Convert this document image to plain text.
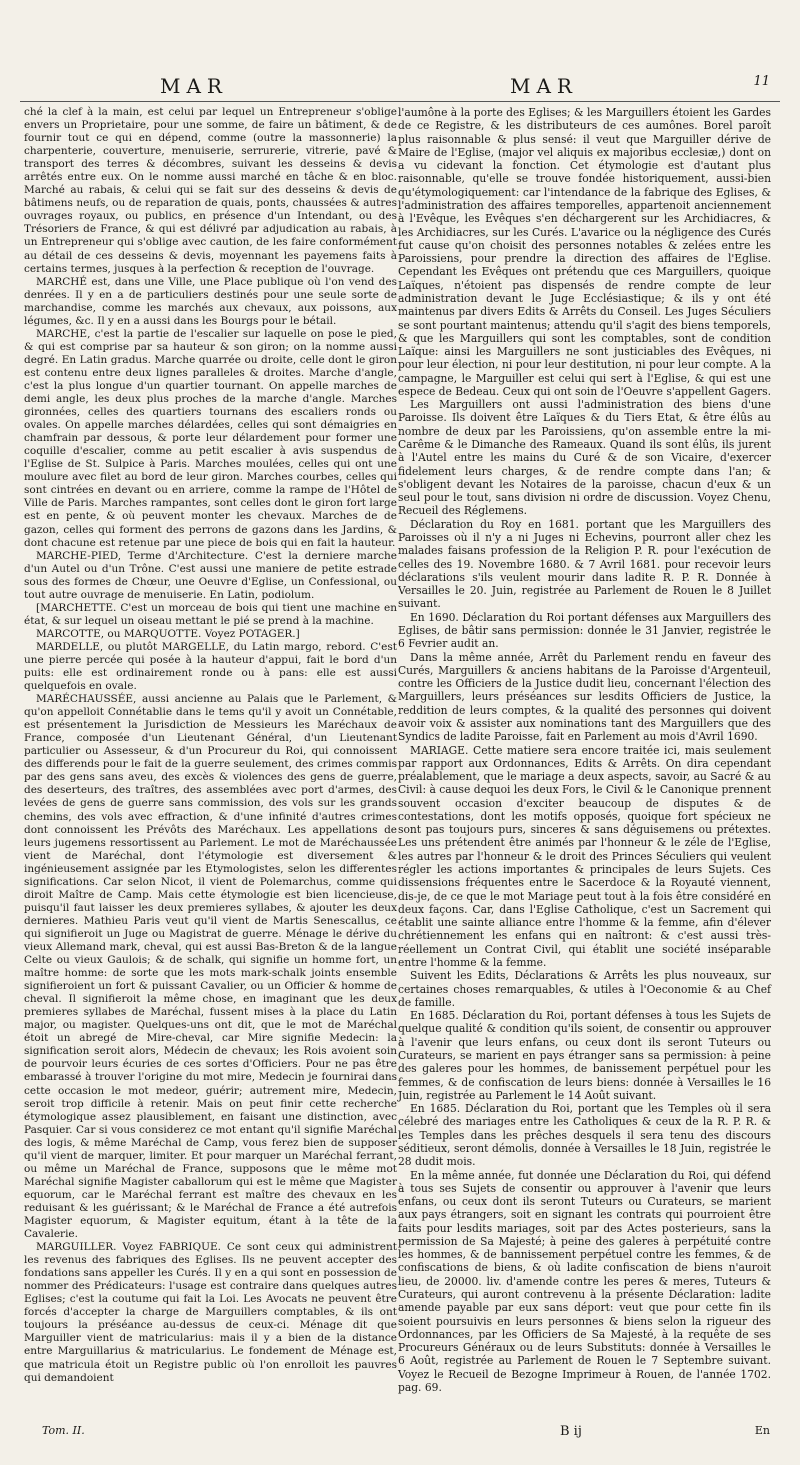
MAR	MAR	11

ché la clef à la main, est celui par lequel un Entrepreneur s'oblige envers un Proprietaire, pour une somme, de faire un bâtiment, & de fournir tout ce qui en dépend, comme (outre la massonnerie) la charpenterie, couverture, menuiserie, serrurerie, vitrerie, pavé & transport des terres & décombres, suivant les desseins & devis arrêtés entre eux. On le nomme aussi marché en tâche & en bloc. Marché au rabais, & celui qui se fait sur des desseins & devis de bâtimens neufs, ou de reparation de quais, ponts, chaussées & autres ouvrages royaux, ou publics, en présence d'un Intendant, ou des Trésoriers de France, & qui est délivré par adjudication au rabais, à un Entrepreneur qui s'oblige avec caution, de les faire conformément au détail de ces desseins & devis, moyennant les payemens faits à certains termes, jusques à la perfection & reception de l'ouvrage.

MARCHÉ est, dans une Ville, une Place publique où l'on vend des denrées. Il y en a de particuliers destinés pour une seule sorte de marchandise, comme les marchés aux chevaux, aux poissons, aux légumes, &c. Il y en a aussi dans les Bourgs pour le bétail.

MARCHE, c'est la partie de l'escalier sur laquelle on pose le pied, & qui est comprise par sa hauteur & son giron; on la nomme aussi degré. En Latin gradus. Marche quarrée ou droite, celle dont le giron est contenu entre deux lignes paralleles & droites. Marche d'angle, c'est la plus longue d'un quartier tournant. On appelle marches de demi angle, les deux plus proches de la marche d'angle. Marches gironnées, celles des quartiers tournans des escaliers ronds ou ovales. On appelle marches délardées, celles qui sont démaigries en chamfrain par dessous, & porte leur délardement pour former une coquille d'escalier, comme au petit escalier à avis suspendus de l'Eglise de St. Sulpice à Paris. Marches moulées, celles qui ont une moulure avec filet au bord de leur giron. Marches courbes, celles qui sont cintrées en devant ou en arriere, comme la rampe de l'Hôtel de Ville de Paris. Marches rampantes, sont celles dont le giron fort large est en pente, & où peuvent monter les chevaux. Marches de de gazon, celles qui forment des perrons de gazons dans les Jardins, & dont chacune est retenue par une piece de bois qui en fait la hauteur.

MARCHE-PIED, Terme d'Architecture. C'est la derniere marche d'un Autel ou d'un Trône. C'est aussi une maniere de petite estrade sous des formes de Chœur, une Oeuvre d'Eglise, un Confessional, ou tout autre ouvrage de menuiserie. En Latin, podiolum.

[MARCHETTE. C'est un morceau de bois qui tient une machine en état, & sur lequel un oiseau mettant le pié se prend à la machine.

MARCOTTE, ou MARQUOTTE. Voyez POTAGER.]

MARDELLE, ou plutôt MARGELLE, du Latin margo, rebord. C'est une pierre percée qui posée à la hauteur d'appui, fait le bord d'un puits: elle est ordinairement ronde ou à pans: elle est aussi quelquefois en ovale.

MARÉCHAUSSÉE, aussi ancienne au Palais que le Parlement, & qu'on appelloit Connétablie dans le tems qu'il y avoit un Connétable, est présentement la Jurisdiction de Messieurs les Maréchaux de France, composée d'un Lieutenant Général, d'un Lieutenant particulier ou Assesseur, & d'un Procureur du Roi, qui connoissent des differends pour le fait de la guerre seulement, des crimes commis par des gens sans aveu, des excès & violences des gens de guerre, des deserteurs, des traîtres, des assemblées avec port d'armes, des levées de gens de guerre sans commission, des vols sur les grands chemins, des vols avec effraction, & d'une infinité d'autres crimes dont connoissent les Prévôts des Maréchaux. Les appellations de leurs jugemens ressortissent au Parlement. Le mot de Maréchaussée vient de Maréchal, dont l'étymologie est diversement & ingénieusement assignée par les Etymologistes, selon les differentes significations. Car selon Nicot, il vient de Polemarchus, comme qui diroit Maître de Camp. Mais cette étymologie est bien licencieuse, puisqu'il faut laisser les deux premieres syllabes, & ajouter les deux dernieres. Mathieu Paris veut qu'il vient de Martis Senescallus, ce qui signifieroit un Juge ou Magistrat de guerre. Ménage le dérive du vieux Allemand mark, cheval, qui est aussi Bas-Breton & de la langue Celte ou vieux Gaulois; & de schalk, qui signifie un homme fort, un maître homme: de sorte que les mots mark-schalk joints ensemble signifieroient un fort & puissant Cavalier, ou un Officier & homme de cheval. Il signifieroit la même chose, en imaginant que les deux premieres syllabes de Maréchal, fussent mises à la place du Latin major, ou magister. Quelques-uns ont dit, que le mot de Maréchal étoit un abregé de Mire-cheval, car Mire signifie Medecin: la signification seroit alors, Médecin de chevaux; les Rois avoient soin de pourvoir leurs écuries de ces sortes d'Officiers. Pour ne pas être embarassé à trouver l'origine du mot mire, Medecin je fournirai dans cette occasion le mot medeor, guérir; autrement mire, Medecin, seroit trop difficile à retenir. Mais on peut finir cette recherche étymologique assez plausiblement, en faisant une distinction, avec Pasquier. Car si vous considerez ce mot entant qu'il signifie Maréchal des logis, & même Maréchal de Camp, vous ferez bien de supposer qu'il vient de marquer, limiter. Et pour marquer un Maréchal ferrant, ou même un Maréchal de France, supposons que le même mot Maréchal signifie Magister caballorum qui est le même que Magister equorum, car le Maréchal ferrant est maître des chevaux en les reduisant & les guérissant; & le Maréchal de France a été autrefois Magister equorum, & Magister equitum, étant à la tête de la Cavalerie.

MARGUILLER. Voyez FABRIQUE. Ce sont ceux qui administrent les revenus des fabriques des Eglises. Ils ne peuvent accepter des fondations sans appeller les Curés. Il y en a qui sont en possession de nommer des Prédicateurs: l'usage est contraire dans quelques autres Eglises; c'est la coutume qui fait la Loi. Les Avocats ne peuvent être forcés d'accepter la charge de Marguillers comptables, & ils ont toujours la préséance au-dessus de ceux-ci. Ménage dit que Marguiller vient de matricularius: mais il y a bien de la distance entre Marguillarius & matricularius. Le fondement de Ménage est, que matricula étoit un Registre public où l'on enrolloit les pauvres qui demandoient

l'aumône à la porte des Eglises; & les Marguillers étoient les Gardes de ce Registre, & les distributeurs de ces aumônes. Borel paroît plus raisonnable & plus sensé: il veut que Marguiller dérive de Maire de l'Eglise, (major vel aliquis ex majoribus ecclesiæ,) dont on a vu cidevant la fonction. Cet étymologie est d'autant plus raisonnable, qu'elle se trouve fondée historiquement, aussi-bien qu'étymologiquement: car l'intendance de la fabrique des Eglises, & l'administration des affaires temporelles, appartenoit anciennement à l'Evêque, les Evêques s'en déchargerent sur les Archidiacres, & les Archidiacres, sur les Curés. L'avarice ou la négligence des Curés fut cause qu'on choisit des personnes notables & zelées entre les Paroissiens, pour prendre la direction des affaires de l'Eglise. Cependant les Evêques ont prétendu que ces Marguillers, quoique Laïques, n'étoient pas dispensés de rendre compte de leur administration devant le Juge Ecclésiastique; & ils y ont été maintenus par divers Edits & Arrêts du Conseil. Les Juges Séculiers se sont pourtant maintenus; attendu qu'il s'agit des biens temporels, & que les Marguillers qui sont les comptables, sont de condition Laïque: ainsi les Marguillers ne sont justiciables des Evêques, ni pour leur élection, ni pour leur destitution, ni pour leur compte. A la campagne, le Marguiller est celui qui sert à l'Eglise, & qui est une espece de Bedeau. Ceux qui ont soin de l'Oeuvre s'appellent Gagers.

Les Marguillers ont aussi l'administration des biens d'une Paroisse. Ils doivent être Laïques & du Tiers Etat, & être élûs au nombre de deux par les Paroissiens, qu'on assemble entre la mi-Carême & le Dimanche des Rameaux. Quand ils sont élûs, ils jurent à l'Autel entre les mains du Curé & de son Vicaire, d'exercer fidelement leurs charges, & de rendre compte dans l'an; & s'obligent devant les Notaires de la paroisse, chacun d'eux & un seul pour le tout, sans division ni ordre de discussion. Voyez Chenu, Recueil des Réglemens.

Déclaration du Roy en 1681. portant que les Marguillers des Paroisses où il n'y a ni Juges ni Echevins, pourront aller chez les malades faisans profession de la Religion P. R. pour l'exécution de celles des 19. Novembre 1680. & 7 Avril 1681. pour recevoir leurs déclarations s'ils veulent mourir dans ladite R. P. R. Donnée à Versailles le 20. Juin, registrée au Parlement de Rouen le 8 Juillet suivant.

En 1690. Déclaration du Roi portant défenses aux Marguillers des Eglises, de bâtir sans permission: donnée le 31 Janvier, registrée le 6 Fevrier audit an.

Dans la même année, Arrêt du Parlement rendu en faveur des Curés, Marguillers & anciens habitans de la Paroisse d'Argenteuil, contre les Officiers de la Justice dudit lieu, concernant l'élection des Marguillers, leurs préséances sur lesdits Officiers de Justice, la reddition de leurs comptes, & la qualité des personnes qui doivent avoir voix & assister aux nominations tant des Marguillers que des Syndics de ladite Paroisse, fait en Parlement au mois d'Avril 1690.

MARIAGE. Cette matiere sera encore traitée ici, mais seulement par rapport aux Ordonnances, Edits & Arrêts. On dira cependant préalablement, que le mariage a deux aspects, savoir, au Sacré & au Civil: à cause dequoi les deux Fors, le Civil & le Canonique prennent souvent occasion d'exciter beaucoup de disputes & de contestations, dont les motifs opposés, quoique fort spécieux ne sont pas toujours purs, sinceres & sans déguisemens ou prétextes. Les uns prétendent être animés par l'honneur & le zéle de l'Eglise, les autres par l'honneur & le droit des Princes Séculiers qui veulent régler les actions importantes & principales de leurs Sujets. Ces dissensions fréquentes entre le Sacerdoce & la Royauté viennent, dis-je, de ce que le mot Mariage peut tout à la fois être considéré en deux façons. Car, dans l'Eglise Catholique, c'est un Sacrement qui établit une sainte alliance entre l'homme & la femme, afin d'élever chrétiennement les enfans qui en naîtront: & c'est aussi très-réellement un Contrat Civil, qui établit une société inséparable entre l'homme & la femme.

Suivent les Edits, Déclarations & Arrêts les plus nouveaux, sur certaines choses remarquables, & utiles à l'Oeconomie & au Chef de famille.

En 1685. Déclaration du Roi, portant défenses à tous les Sujets de quelque qualité & condition qu'ils soient, de consentir ou approuver à l'avenir que leurs enfans, ou ceux dont ils seront Tuteurs ou Curateurs, se marient en pays étranger sans sa permission: à peine des galeres pour les hommes, de banissement perpétuel pour les femmes, & de confiscation de leurs biens: donnée à Versailles le 16 Juin, registrée au Parlement le 14 Août suivant.

En 1685. Déclaration du Roi, portant que les Temples où il sera célebré des mariages entre les Catholiques & ceux de la R. P. R. & les Temples dans les prêches desquels il sera tenu des discours séditieux, seront démolis, donnée à Versailles le 18 Juin, registrée le 28 dudit mois.

En la même année, fut donnée une Déclaration du Roi, qui défend à tous ses Sujets de consentir ou approuver à l'avenir que leurs enfans, ou ceux dont ils seront Tuteurs ou Curateurs, se marient aux pays étrangers, soit en signant les contrats qui pourroient être faits pour lesdits mariages, soit par des Actes posterieurs, sans la permission de Sa Majesté; à peine des galeres à perpétuité contre les hommes, & de bannissement perpétuel contre les femmes, & de confiscations de biens, & où ladite confiscation de biens n'auroit lieu, de 20000. liv. d'amende contre les peres & meres, Tuteurs & Curateurs, qui auront contrevenu à la présente Déclaration: ladite amende payable par eux sans déport: veut que pour cette fin ils soient poursuivis en leurs personnes & biens selon la rigueur des Ordonnances, par les Officiers de Sa Majesté, à la requête de ses Procureurs Généraux ou de leurs Substituts: donnée à Versailles le 6 Août, registrée au Parlement de Rouen le 7 Septembre suivant. Voyez le Recueil de Bezogne Imprimeur à Rouen, de l'année 1702. pag. 69.

Tom. II.	B ij	En
